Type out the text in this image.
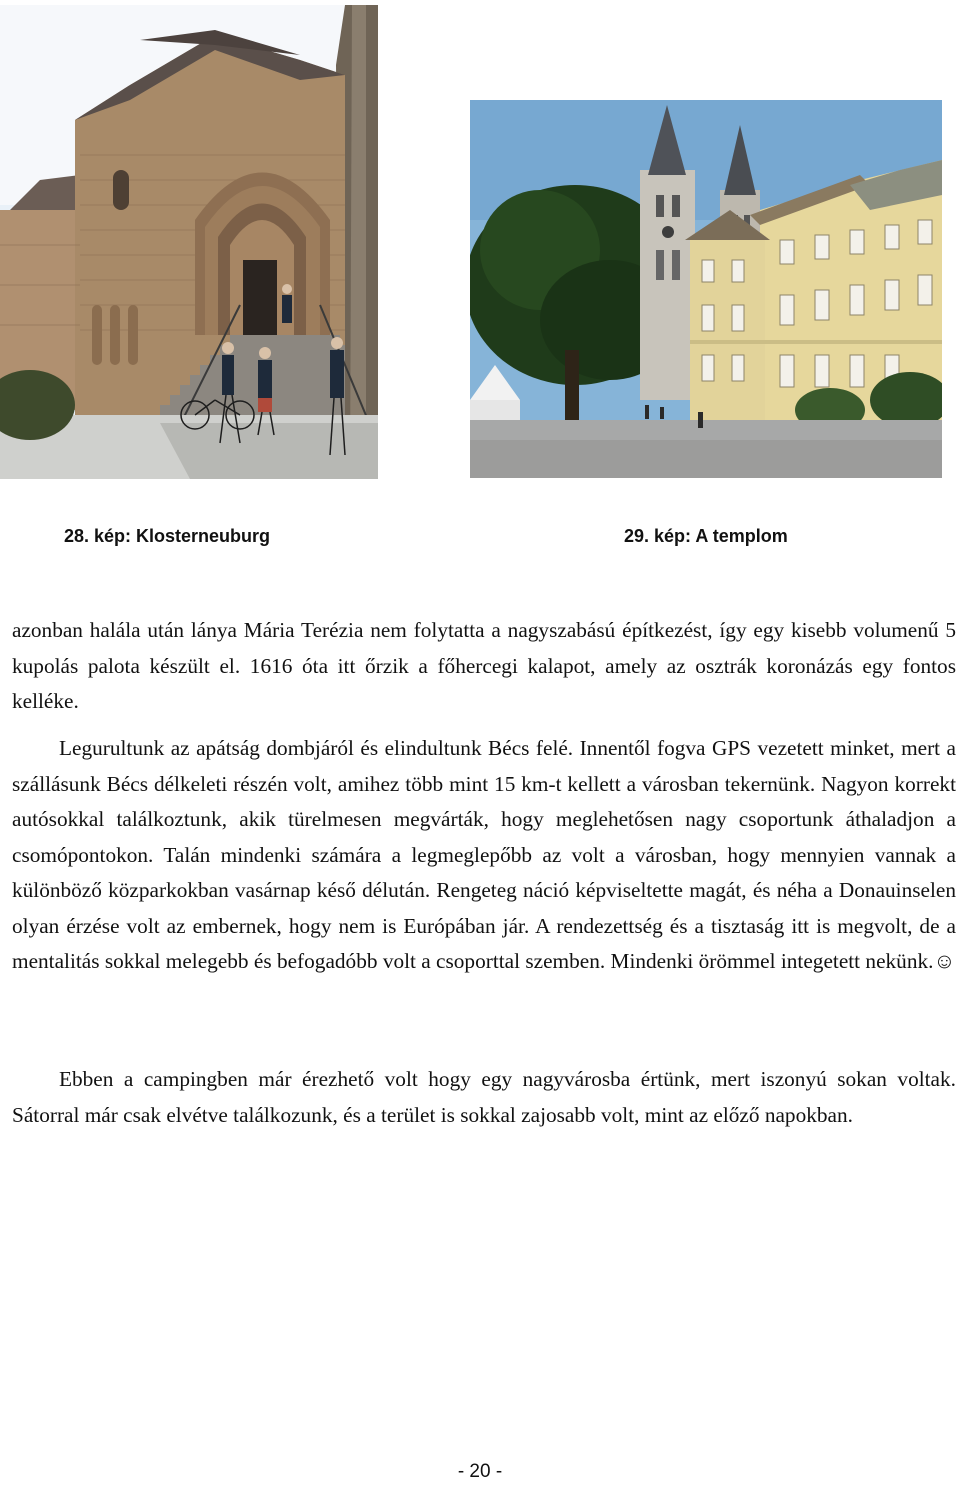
28. kép: Klosterneuburg	29. kép: A templom

azonban halála után lánya Mária Terézia nem folytatta a nagyszabású építkezést, így egy kisebb volumenű 5 kupolás palota készült el. 1616 óta itt őrzik a főhercegi kalapot, amely az osztrák koronázás egy fontos kelléke.

Legurultunk az apátság dombjáról és elindultunk Bécs felé. Innentől fogva GPS vezetett minket, mert a szállásunk Bécs délkeleti részén volt, amihez több mint 15 km-t kellett a városban tekernünk. Nagyon korrekt autósokkal találkoztunk, akik türelmesen megvárták, hogy meglehetősen nagy csoportunk áthaladjon a csomópontokon. Talán mindenki számára a legmeglepőbb az volt a városban, hogy mennyien vannak a különböző közparkokban vasárnap késő délután. Rengeteg náció képviseltette magát, és néha a Donauinselen olyan érzése volt az embernek, hogy nem is Európában jár. A rendezettség és a tisztaság itt is megvolt, de a mentalitás sokkal melegebb és befogadóbb volt a csoporttal szemben. Mindenki örömmel integetett nekünk.☺

Ebben a campingben már érezhető volt hogy egy nagyvárosba értünk, mert iszonyú sokan voltak. Sátorral már csak elvétve találkozunk, és a terület is sokkal zajosabb volt, mint az előző napokban.

- 20 -
